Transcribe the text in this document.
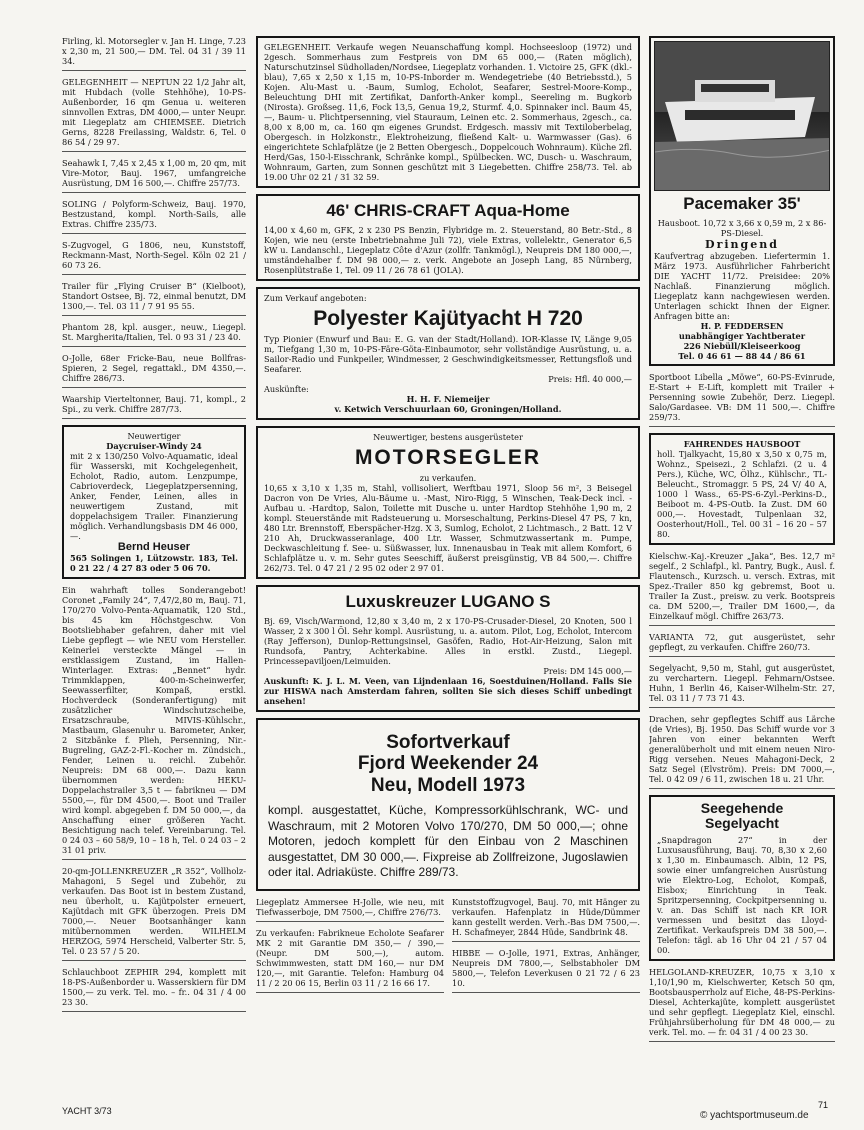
Firling, kl. Motorsegler v. Jan H. Linge, 7.23 x 2,30 m, 21 500,— DM. Tel. 04 31 / 39 11 34.
GELEGENHEIT — NEPTUN 22 1/2 Jahr alt, mit Hubdach (volle Stehhöhe), 10-PS-Außenborder, 16 qm Genua u. weiteren sinnvollen Extras, DM 4000,— unter Neupr. mit Liegeplatz am CHIEMSEE. Dietrich Gerns, 8228 Freilassing, Waldstr. 6, Tel. 0 86 54 / 29 97.
Seahawk I, 7,45 x 2,45 x 1,00 m, 20 qm, mit Vire-Motor, Bauj. 1967, umfangreiche Ausrüstung, DM 16 500,—. Chiffre 257/73.
SOLING / Polyform-Schweiz, Bauj. 1970, Bestzustand, kompl. North-Sails, alle Extras. Chiffre 235/73.
S-Zugvogel, G 1806, neu, Kunststoff, Reckmann-Mast, North-Segel. Köln 02 21 / 60 73 26.
Trailer für „Flying Cruiser B“ (Kielboot), Standort Ostsee, Bj. 72, einmal benutzt, DM 1300,—. Tel. 03 11 / 7 91 95 55.
Phantom 28, kpl. ausger., neuw., Liegepl. St. Margherita/Italien, Tel. 0 93 31 / 23 40.
O-Jolle, 68er Fricke-Bau, neue Bollfras-Spieren, 2 Segel, regattakl., DM 4350,—. Chiffre 286/73.
Waarship Vierteltonner, Bauj. 71, kompl., 2 Spi., zu verk. Chiffre 287/73.
Neuwertiger
Daycruiser-Windy 24
mit 2 x 130/250 Volvo-Aquamatic, ideal für Wasserski, mit Kochgelegenheit, Echolot, Radio, autom. Lenzpumpe, Cabrioverdeck, Liegeplatzpersenning, Anker, Fender, Leinen, alles in neuwertigem Zustand, mit doppelachsigem Trailer. Finanzierung möglich. Verhandlungsbasis DM 46 000,—.
Bernd Heuser
565 Solingen 1, Lützowstr. 183, Tel. 0 21 22 / 4 27 83 oder 5 06 70.
Ein wahrhaft tolles Sonderangebot! Coronet „Family 24“, 7,47/2,80 m, Bauj. 71, 170/270 Volvo-Penta-Aquamatik, 120 Std., bis 45 km Höchstgeschw. Von Bootsliebhaber gefahren, daher mit viel Liebe gepflegt — wie NEU vom Hersteller. Keinerlei versteckte Mängel — in erstklassigem Zustand, im Hallen-Winterlager. Extras: „Bennet“ hydr. Trimmklappen, 400-m-Scheinwerfer, Seewasserfilter, Kompaß, erstkl. Hochverdeck (Sonderanfertigung) mit zusätzlicher Windschutzscheibe, Ersatzschraube, MIVIS-Kühlschr., Mastbaum, Glasenuhr u. Barometer, Anker, 2 Sitzbänke f. Plieh, Persenning, Nir.-Bugreling, GAZ-2-Fl.-Kocher m. Zündsich., Fender, Leinen u. reichl. Zubehör. Neupreis: DM 68 000,—. Dazu kann übernommen werden: HEKU-Doppelachstrailer 3,5 t — fabrikneu — DM 5500,—, für DM 4500,—. Boot und Trailer wird kompl. abgegeben f. DM 50 000,—, da Anschaffung einer größeren Yacht. Besichtigung nach telef. Vereinbarung. Tel. 0 24 03 – 60 58/9, 10 – 18 h, Tel. 0 24 03 – 2 31 01 priv.
20-qm-JOLLENKREUZER „R 352“, Vollholz-Mahagoni, 5 Segel und Zubehör, zu verkaufen. Das Boot ist in bestem Zustand, neu überholt, u. Kajütpolster erneuert, Kajütdach mit GFK überzogen. Preis DM 7000,—. Neuer Bootsanhänger kann mitübernommen werden. WILHELM HERZOG, 5974 Herscheid, Valberter Str. 5, Tel. 0 23 57 / 5 20.
Schlauchboot ZEPHIR 294, komplett mit 18-PS-Außenborder u. Wasserskiern für DM 1500,— zu verk. Tel. mo. – fr.. 04 31 / 4 00 23 30.
GELEGENHEIT. Verkaufe wegen Neuanschaffung kompl. Hochseesloop (1972) und 2gesch. Sommerhaus zum Festpreis von DM 65 000,— (Raten möglich), Naturschutzinsel Südholladen/Nordsee, Liegeplatz vorhanden. 1. Victoire 25, GFK (dkl.-blau), 7,65 x 2,50 x 1,15 m, 10-PS-Inborder m. Wendegetriebe (40 Betriebsstd.), 5 Kojen. Alu-Mast u. -Baum, Sumlog, Echolot, Seafarer, Sestrel-Moore-Komp., Beleuchtung DHI mit Zertifikat, Danforth-Anker kompl., Seereling m. Bugkorb (Nirosta). Großseg. 11,6, Fock 13,5, Genua 19,2, Sturmf. 4,0. Spinnaker incl. Baum 45,—, Baum- u. Plichtpersenning, viel Stauraum, Leinen etc. 2. Sommerhaus, 2gesch., ca. 8,00 x 8,00 m, ca. 160 qm eigenes Grundst. Erdgesch. massiv mit Textiloberbelag, Obergesch. in Holzkonstr., Elektroheizung, fließend Kalt- u. Warmwasser (Gas). 6 eingerichtete Schlafplätze (je 2 Betten Obergesch., Doppelcouch Wohnraum). Küche 2fl. Herd/Gas, 150-l-Eisschrank, Schränke kompl., Spülbecken. WC, Dusch- u. Waschraum, Wohnraum, Garten, zum Sonnen geschützt mit 3 Liegebetten. Chiffre 258/73. Tel. ab 19.00 Uhr 02 21 / 31 32 59.
46' CHRIS-CRAFT Aqua-Home
14,00 x 4,60 m, GFK, 2 x 230 PS Benzin, Flybridge m. 2. Steuerstand, 80 Betr.-Std., 8 Kojen, wie neu (erste Inbetriebnahme Juli 72), viele Extras, vollelektr., Generator 6,5 kW u. Landanschl., Liegeplatz Côte d'Azur (zollfr. Tankmögl.), Neupreis DM 180 000,—, umständehalber f. DM 98 000,— z. verk. Angebote an Joseph Lang, 85 Nürnberg, Rosenplütstraße 1, Tel. 09 11 / 26 78 61 (JOLA).
Zum Verkauf angeboten:
Polyester Kajütyacht H 720
Typ Pionier (Enwurf und Bau: E. G. van der Stadt/Holland). IOR-Klasse IV, Länge 9,05 m, Tiefgang 1,30 m, 10-PS-Färe-Göta-Einbaumotor, sehr vollständige Ausrüstung, u. a. Sailor-Radio und Funkpeiler, Windmesser, 2 Geschwindigkeitsmesser, Rettungsfloß und Seafarer.
Preis: Hfl. 40 000,—
Auskünfte:
H. H. F. Niemeijer
v. Ketwich Verschuurlaan 60, Groningen/Holland.
Neuwertiger, bestens ausgerüsteter
MOTORSEGLER
zu verkaufen.
10,65 x 3,10 x 1,35 m, Stahl, vollisoliert, Werftbau 1971, Sloop 56 m², 3 Beisegel Dacron von De Vries, Alu-Bäume u. -Mast, Niro-Rigg, 5 Winschen, Teak-Deck incl. -Aufbau u. -Hardtop, Salon, Toilette mit Dusche u. unter Hardtop Stehhöhe 1,90 m, 2 kompl. Steuerstände mit Radsteuerung u. Morseschaltung, Perkins-Diesel 47 PS, 7 kn, 480 Ltr. Brennstoff, Eberspächer-Hzg. X 3, Sumlog, Echolot, 2 Lichtmasch., 2 Batt. 12 V 210 Ah, Druckwasseranlage, 400 Ltr. Wasser, Schmutzwassertank m. Pumpe, Deckwaschleitung f. See- u. Süßwasser, lux. Innenausbau in Teak mit allem Komfort, 6 Schlafplätze u. v. m. Sehr gutes Seeschiff, äußerst preisgünstig, VB 84 500,—. Chiffre 262/73. Tel. 0 47 21 / 2 95 02 oder 2 97 01.
Luxuskreuzer LUGANO S
Bj. 69, Visch/Warmond, 12,80 x 3,40 m, 2 x 170-PS-Crusader-Diesel, 20 Knoten, 500 l Wasser, 2 x 300 l Öl. Sehr kompl. Ausrüstung, u. a. autom. Pilot, Log, Echolot, Intercom (Ray Jefferson), Dunlop-Rettungsinsel, Gasöfen, Radio, Hot-Air-Heizung, Salon mit Rundsofa, Pantry, Achterkabine. Alles in erstkl. Zustd., Liegepl. Princessepaviljoen/Leimuiden.
Preis: DM 145 000,—
Auskunft: K. J. L. M. Veen, van Lijndenlaan 16, Soestduinen/Holland. Falls Sie zur HISWA nach Amsterdam fahren, sollten Sie sich dieses Schiff unbedingt ansehen!
Sofortverkauf
Fjord Weekender 24
Neu, Modell 1973
kompl. ausgestattet, Küche, Kompressorkühlschrank, WC- und Waschraum, mit 2 Motoren Volvo 170/270, DM 50 000,—; ohne Motoren, jedoch komplett für den Einbau von 2 Maschinen ausgestattet, DM 30 000,—. Fixpreise ab Zollfreizone, Jugoslawien oder ital. Adriaküste. Chiffre 289/73.
Liegeplatz Ammersee H-Jolle, wie neu, mit Tiefwasserboje, DM 7500,—, Chiffre 276/73.
Zu verkaufen: Fabrikneue Echolote Seafarer MK 2 mit Garantie DM 350,— / 390,— (Neupr. DM 500,—), autom. Schwimmwesten, statt DM 160,— nur DM 120,—, mit Garantie. Telefon: Hamburg 04 11 / 2 20 06 15, Berlin 03 11 / 2 16 66 17.
Kunststoffzugvogel, Bauj. 70, mit Hänger zu verkaufen. Hafenplatz in Hüde/Dümmer kann gestellt werden. Verh.-Bas DM 7500,—. H. Schafmeyer, 2844 Hüde, Sandbrink 48.
HIBBE — O-Jolle, 1971, Extras, Anhänger, Neupreis DM 7800,—, Selbstabholer DM 5800,—, Telefon Leverkusen 0 21 72 / 6 23 10.
Pacemaker 35'
Hausboot. 10,72 x 3,66 x 0,59 m, 2 x 86-PS-Diesel.
Dringend
Kaufvertrag abzugeben. Liefertermin 1. März 1973. Ausführlicher Fahrbericht DIE YACHT 11/72. Preisidee: 20% Nachlaß. Finanzierung möglich. Liegeplatz kann nachgewiesen werden. Unterlagen schickt Ihnen der Eigner. Anfragen bitte an:
H. P. FEDDERSEN
unabhängiger Yachtberater
226 Niebüll/Kleiseerkoog
Tel. 0 46 61 — 88 44 / 86 61
Sportboot Libella „Möwe“, 60-PS-Evinrude, E-Start + E-Lift, komplett mit Trailer + Persenning sowie Zubehör, Derz. Liegepl. Salo/Gardasee. VB: DM 11 500,—. Chiffre 259/73.
FAHRENDES HAUSBOOT
holl. Tjalkyacht, 15,80 x 3,50 x 0,75 m, Wohnz., Speisezi., 2 Schlafzi. (2 u. 4 Pers.), Küche, WC, Ölhz., Kühlschr., TL-Beleucht., Stromaggr. 5 PS, 24 V/ 40 A, 1000 l Wass., 65-PS-6-Zyl.-Perkins-D., Beiboot m. 4-PS-Outb. Ia Zust. DM 60 000,—. Hovestadt, Tulpenlaan 32, Oosterhout/Holl., Tel. 00 31 – 16 20 – 57 80.
Kielschw.-Kaj.-Kreuzer „Jaka“, Bes. 12,7 m² segelf., 2 Schlafpl., kl. Pantry, Bugk., Ausl. f. Flautensch., Kurzsch. u. versch. Extras, mit Spez.-Trailer 850 kg gebremst, Boot u. Trailer Ia Zust., preisw. zu verk. Bootspreis ca. DM 5200,—, Trailer DM 1600,—, da Einzelkauf mögl. Chiffre 263/73.
VARIANTA 72, gut ausgerüstet, sehr gepflegt, zu verkaufen. Chiffre 260/73.
Segelyacht, 9,50 m, Stahl, gut ausgerüstet, zu verchartern. Liegepl. Fehmarn/Ostsee. Huhn, 1 Berlin 46, Kaiser-Wilhelm-Str. 27, Tel. 03 11 / 7 73 71 43.
Drachen, sehr gepflegtes Schiff aus Lärche (de Vries), Bj. 1950. Das Schiff wurde vor 3 Jahren von einer bekannten Werft generalüberholt und mit einem neuen Niro-Rigg versehen. Neues Mahagoni-Deck, 2 Satz Segel (Elvström). Preis: DM 7000,—, Tel. 0 42 09 / 6 11, zwischen 18 u. 21 Uhr.
Seegehende
Segelyacht
„Snapdragon 27“ in der Luxusausführung, Bauj. 70, 8,30 x 2,60 x 1,30 m. Einbaumasch. Albin, 12 PS, sowie einer umfangreichen Ausrüstung wie Elektro-Log, Echolot, Kompaß, Eisbox; Einrichtung in Teak. Spritzpersenning, Cockpitpersenning u. v. an. Das Schiff ist nach KR IOR vermessen und besitzt das Lloyd-Zertifikat. Verkaufspreis DM 38 500,—. Telefon: tägl. ab 16 Uhr 04 21 / 57 04 00.
HELGOLAND-KREUZER, 10,75 x 3,10 x 1,10/1,90 m, Kielschwerter, Ketsch 50 qm, Bootsbausperrholz auf Eiche, 48-PS-Perkins-Diesel, Achterkajüte, komplett ausgerüstet und sehr gepflegt. Liegeplatz Kiel, einschl. Frühjahrsüberholung für DM 48 000,— zu verk. Tel. mo. — fr. 04 31 / 4 00 23 30.
YACHT 3/73
71
© yachtsportmuseum.de
